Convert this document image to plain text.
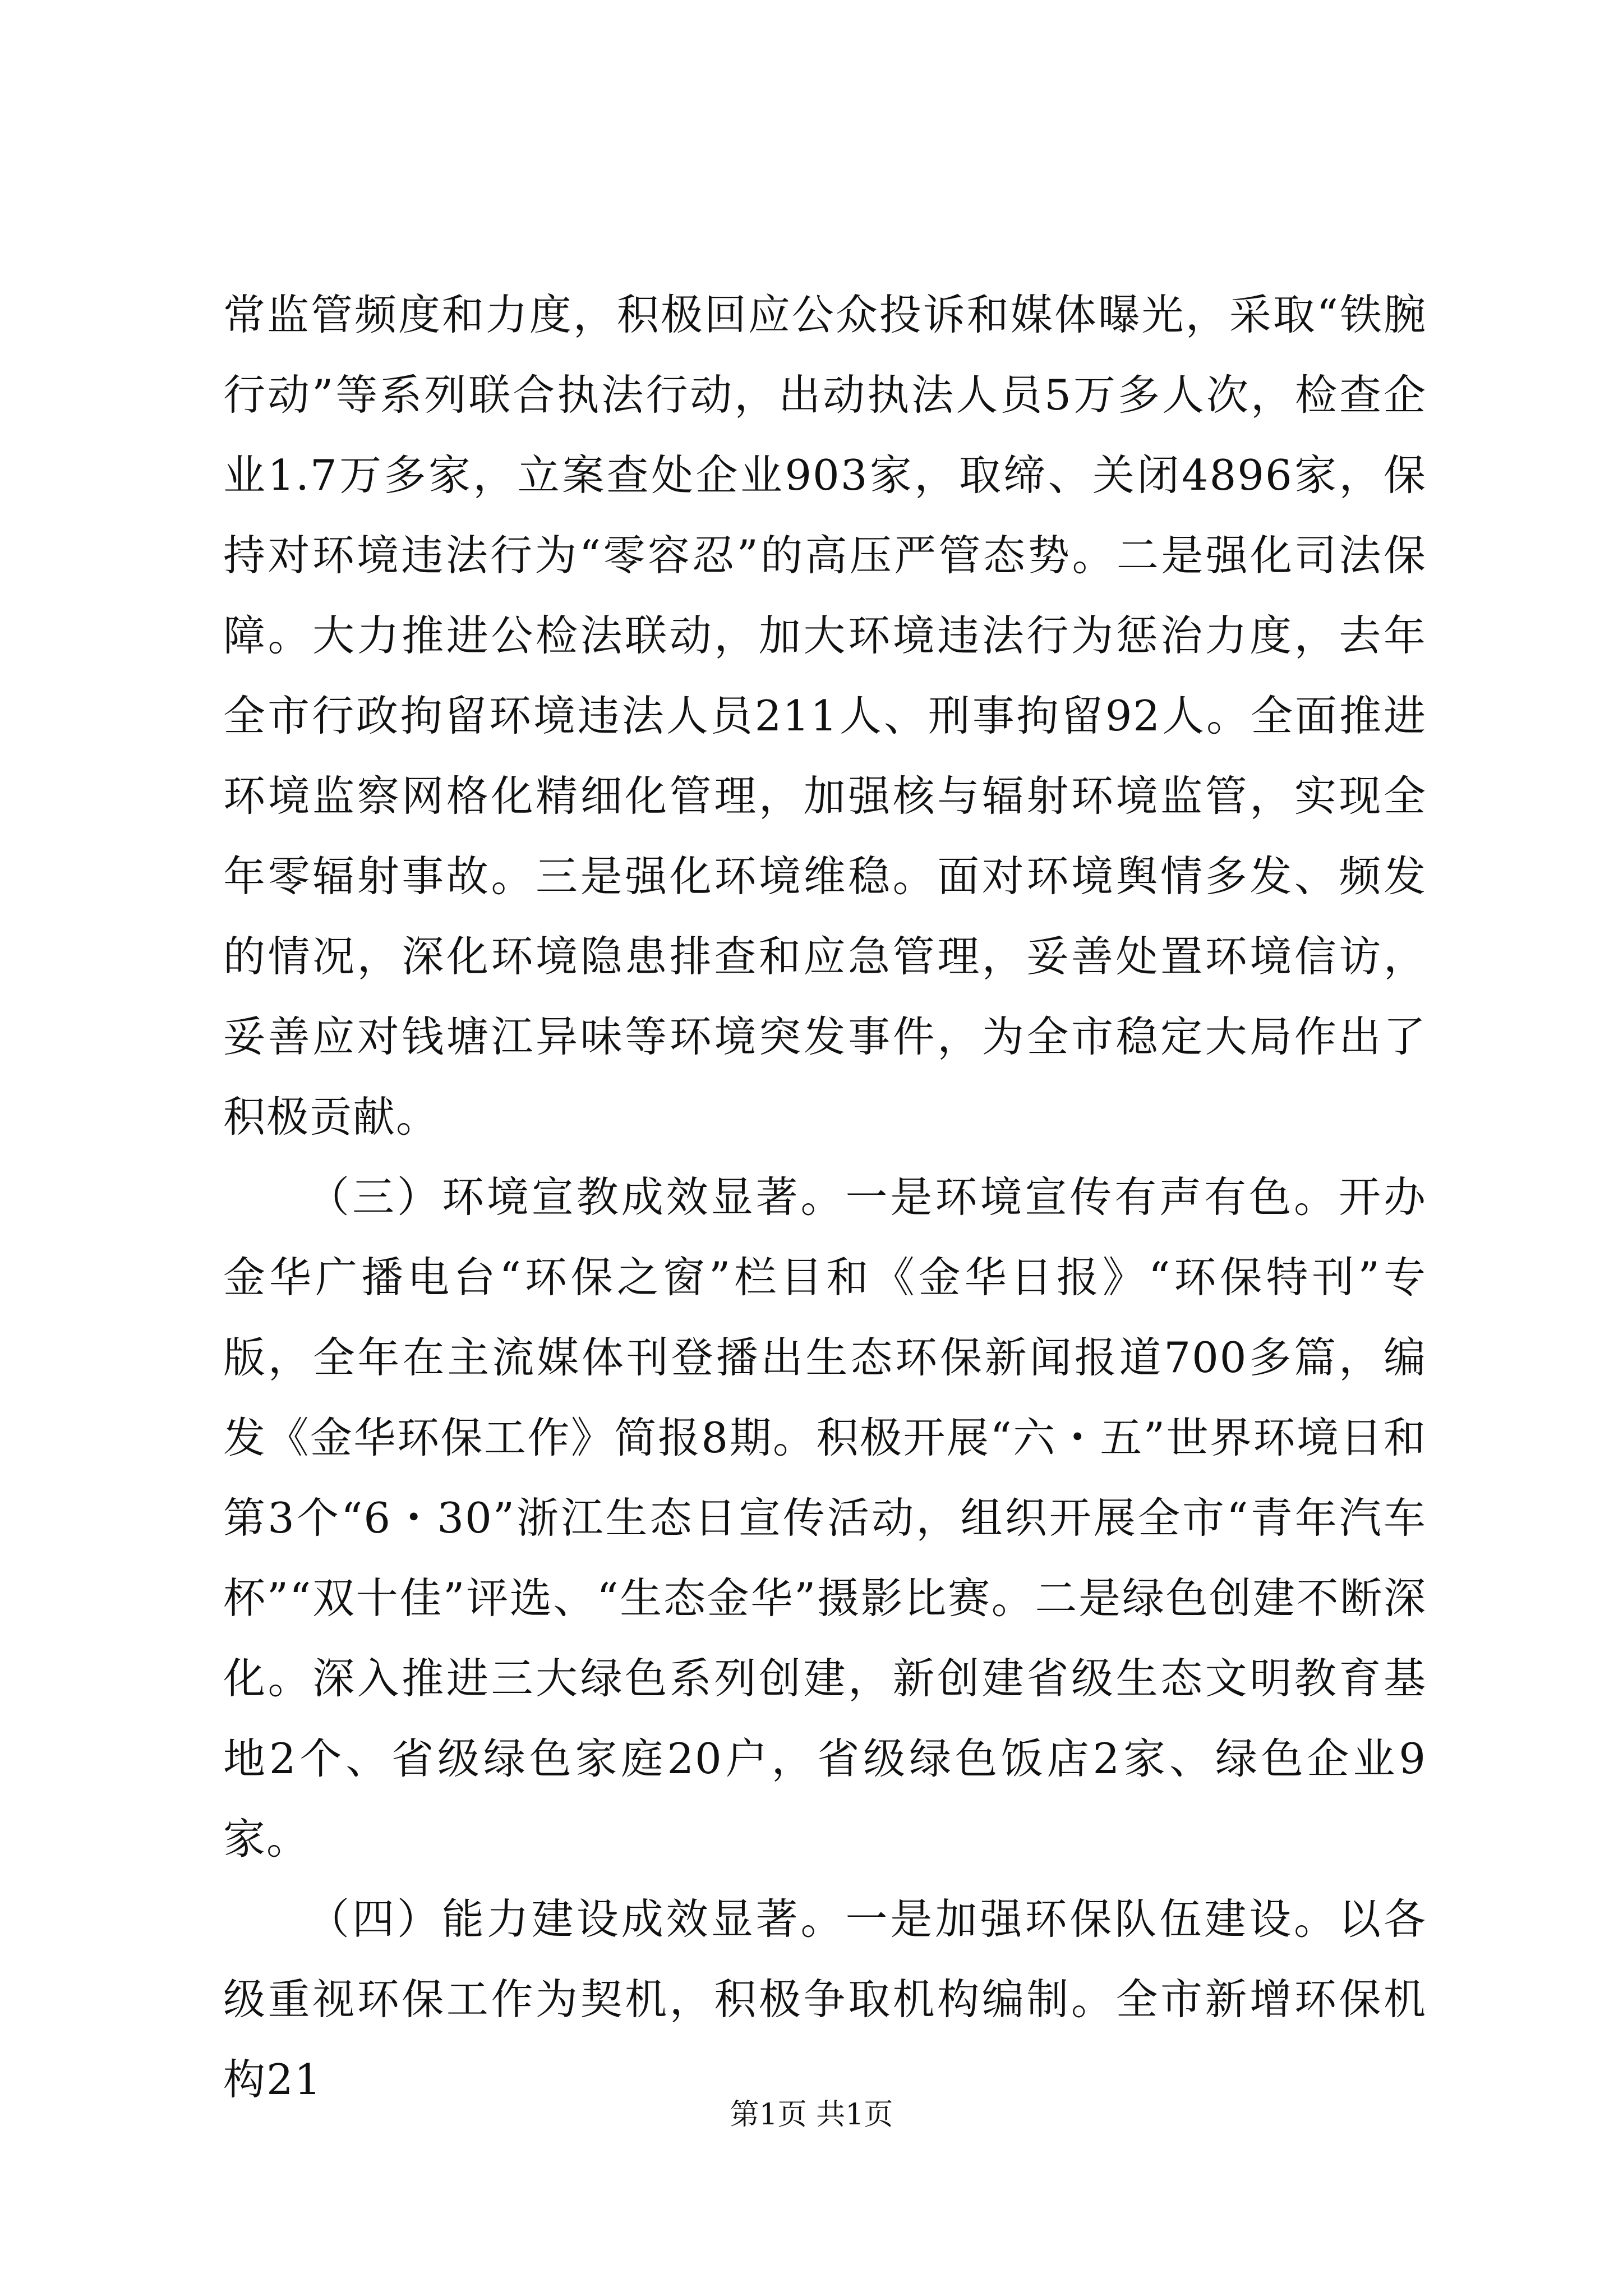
常监管频度和力度，积极回应公众投诉和媒体曝光，采取“铁腕行动”等系列联合执法行动，出动执法人员5万多人次，检查企业1.7万多家，立案查处企业903家，取缔、关闭4896家，保持对环境违法行为“零容忍”的高压严管态势。二是强化司法保障。大力推进公检法联动，加大环境违法行为惩治力度，去年全市行政拘留环境违法人员211人、刑事拘留92人。全面推进环境监察网格化精细化管理，加强核与辐射环境监管，实现全年零辐射事故。三是强化环境维稳。面对环境舆情多发、频发的情况，深化环境隐患排查和应急管理，妥善处置环境信访，妥善应对钱塘江异味等环境突发事件，为全市稳定大局作出了积极贡献。

（三）环境宣教成效显著。一是环境宣传有声有色。开办金华广播电台“环保之窗”栏目和《金华日报》“环保特刊”专版，全年在主流媒体刊登播出生态环保新闻报道700多篇，编发《金华环保工作》简报8期。积极开展“六・五”世界环境日和第3个“6・30”浙江生态日宣传活动，组织开展全市“青年汽车杯”“双十佳”评选、“生态金华”摄影比赛。二是绿色创建不断深化。深入推进三大绿色系列创建，新创建省级生态文明教育基地2个、省级绿色家庭20户，省级绿色饭店2家、绿色企业9家。

（四）能力建设成效显著。一是加强环保队伍建设。以各级重视环保工作为契机，积极争取机构编制。全市新增环保机构21

第1页 共1页
